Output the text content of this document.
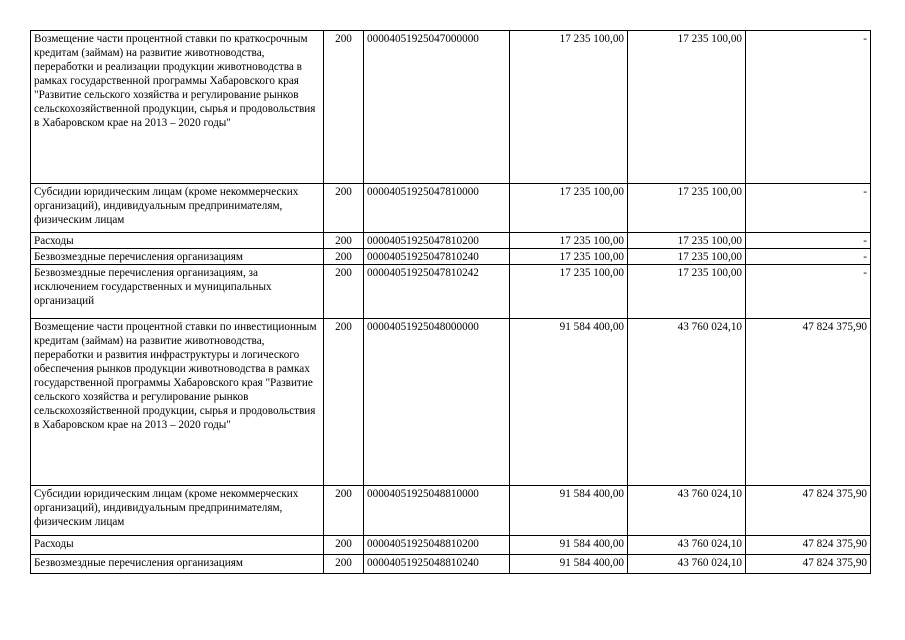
Возмещение части процентной ставки по краткосрочным кредитам (займам) на развитие животноводства, переработки и реализации продукции животноводства в рамках государственной программы Хабаровского края "Развитие сельского хозяйства и регулирование рынков сельскохозяйственной продукции, сырья и продовольствия в Хабаровском крае на 2013 – 2020 годы"	200	00004051925047000000	17 235 100,00	17 235 100,00	-
Субсидии юридическим лицам (кроме некоммерческих организаций), индивидуальным предпринимателям, физическим лицам	200	00004051925047810000	17 235 100,00	17 235 100,00	-
Расходы	200	00004051925047810200	17 235 100,00	17 235 100,00	-
Безвозмездные перечисления организациям	200	00004051925047810240	17 235 100,00	17 235 100,00	-
Безвозмездные перечисления организациям, за исключением государственных и муниципальных организаций	200	00004051925047810242	17 235 100,00	17 235 100,00	-
Возмещение части процентной ставки по инвестиционным кредитам (займам) на развитие животноводства, переработки и развития инфраструктуры и логического обеспечения рынков продукции животноводства в рамках государственной программы Хабаровского края "Развитие сельского хозяйства и регулирование рынков сельскохозяйственной продукции, сырья и продовольствия в Хабаровском крае на 2013 – 2020 годы"	200	00004051925048000000	91 584 400,00	43 760 024,10	47 824 375,90
Субсидии юридическим лицам (кроме некоммерческих организаций), индивидуальным предпринимателям, физическим лицам	200	00004051925048810000	91 584 400,00	43 760 024,10	47 824 375,90
Расходы	200	00004051925048810200	91 584 400,00	43 760 024,10	47 824 375,90
Безвозмездные перечисления организациям	200	00004051925048810240	91 584 400,00	43 760 024,10	47 824 375,90
